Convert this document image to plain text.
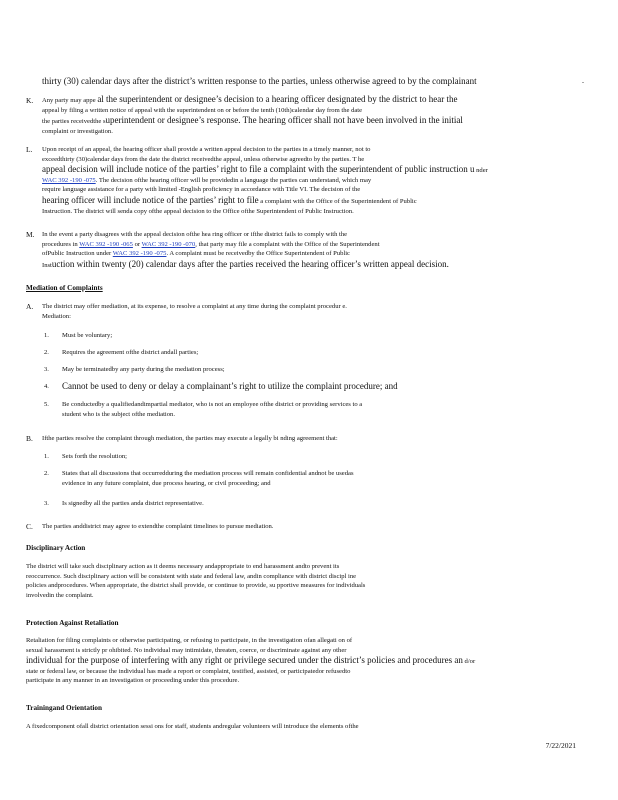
thirty (30) calendar days after the district’s written response to the parties, unless otherwise agreed to by the complainant	.
K. Any party may appe al the superintendent or designee’s decision to a hearing officer designated by the district to hear the
appeal by filing a written notice of appeal with the superintendent on or before the tenth (10th)calendar day from the date
the parties receivedthe superintendent or designee’s response. The hearing officer shall not have been involved in the initial
complaint or investigation.
L. Upon receipt of an appeal, the hearing officer shall provide a written appeal decision to the parties in a timely manner, not to
exceedthirty (30)calendar days from the date the district receivedthe appeal, unless otherwise agreedto by the parties. T he
appeal decision will include notice of the parties’ right to file a complaint with the superintendent of public instruction u nder
WAC 392 -190 -075. The decision ofthe hearing officer will be providedin a language the parties can understand, which may
require language assistance for a party with limited -English proficiency in accordance with Title VI. The decision of the
hearing officer will include notice of the parties’ right to file a complaint with the Office of the Superintendent of Public
Instruction. The district will senda copy ofthe appeal decision to the Office ofthe Superintendent of Public Instruction.
M. In the event a party disagrees with the appeal decision ofthe hea ring officer or ifthe district fails to comply with the
procedures in WAC 392 -190 -065 or WAC 392 -190 -070, that party may file a complaint with the Office of the Superintendent
ofPublic Instruction under WAC 392 -190 -075. A complaint must be receivedby the Office Superintendent of Public
Instuction within twenty (20) calendar days after the parties received the hearing officer’s written appeal decision.
Mediation of Complaints
A. The district may offer mediation, at its expense, to resolve a complaint at any time during the complaint procedur e.
Mediation:
1. Must be voluntary;
2. Requires the agreement ofthe district andall parties;
3. May be terminatedby any party during the mediation process;
4. Cannot be used to deny or delay a complainant’s right to utilize the complaint procedure; and
5. Be conductedby a qualifiedandimpartial mediator, who is not an employee ofthe district or providing services to a
student who is the subject ofthe mediation.
B. Ifthe parties resolve the complaint through mediation, the parties may execute a legally bi nding agreement that:
1. Sets forth the resolution;
2. States that all discussions that occurredduring the mediation process will remain confidential andnot be usedas
evidence in any future complaint, due process hearing, or civil proceeding; and
3. Is signedby all the parties anda district representative.
C. The parties anddistrict may agree to extendthe complaint timelines to pursue mediation.
Disciplinary Action
The district will take such disciplinary action as it deems necessary andappropriate to end harassment andto prevent its
reoccurrence. Such disciplinary action will be consistent with state and federal law, andin compliance with district discipl ine
policies andprocedures. When appropriate, the district shall provide, or continue to provide, su pportive measures for individuals
involvedin the complaint.
Protection Against Retaliation
Retaliation for filing complaints or otherwise participating, or refusing to participate, in the investigation ofan allegati on of
sexual harassment is strictly pr ohibited. No individual may intimidate, threaten, coerce, or discriminate against any other
individual for the purpose of interfering with any right or privilege secured under the district’s policies and procedures an d/or
state or federal law, or because the individual has made a report or complaint, testified, assisted, or participatedor refusedto
participate in any manner in an investigation or proceeding under this procedure.
Trainingand Orientation
A fixedcomponent ofall district orientation sessi ons for staff, students andregular volunteers will introduce the elements ofthe
7/22/2021
